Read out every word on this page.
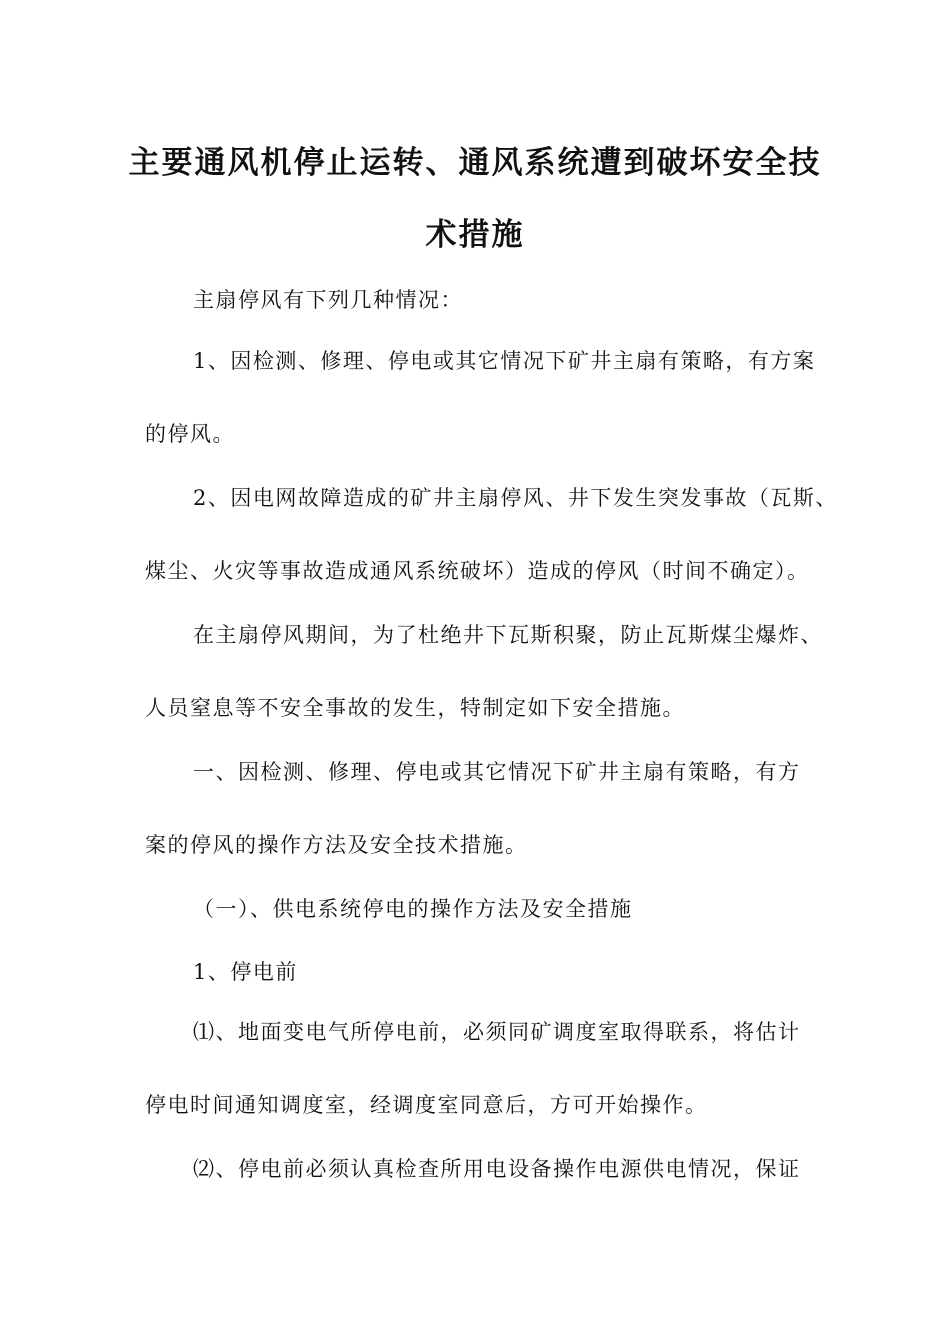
主要通风机停止运转、通风系统遭到破坏安全技
术措施
主扇停风有下列几种情况：
1、因检测、修理、停电或其它情况下矿井主扇有策略，有方案
的停风。
2、因电网故障造成的矿井主扇停风、井下发生突发事故（瓦斯、
煤尘、火灾等事故造成通风系统破坏）造成的停风（时间不确定）。
在主扇停风期间，为了杜绝井下瓦斯积聚，防止瓦斯煤尘爆炸、
人员窒息等不安全事故的发生，特制定如下安全措施。
一、因检测、修理、停电或其它情况下矿井主扇有策略，有方
案的停风的操作方法及安全技术措施。
（一）、供电系统停电的操作方法及安全措施
1、停电前
⑴、地面变电气所停电前，必须同矿调度室取得联系，将估计
停电时间通知调度室，经调度室同意后，方可开始操作。
⑵、停电前必须认真检查所用电设备操作电源供电情况，保证
